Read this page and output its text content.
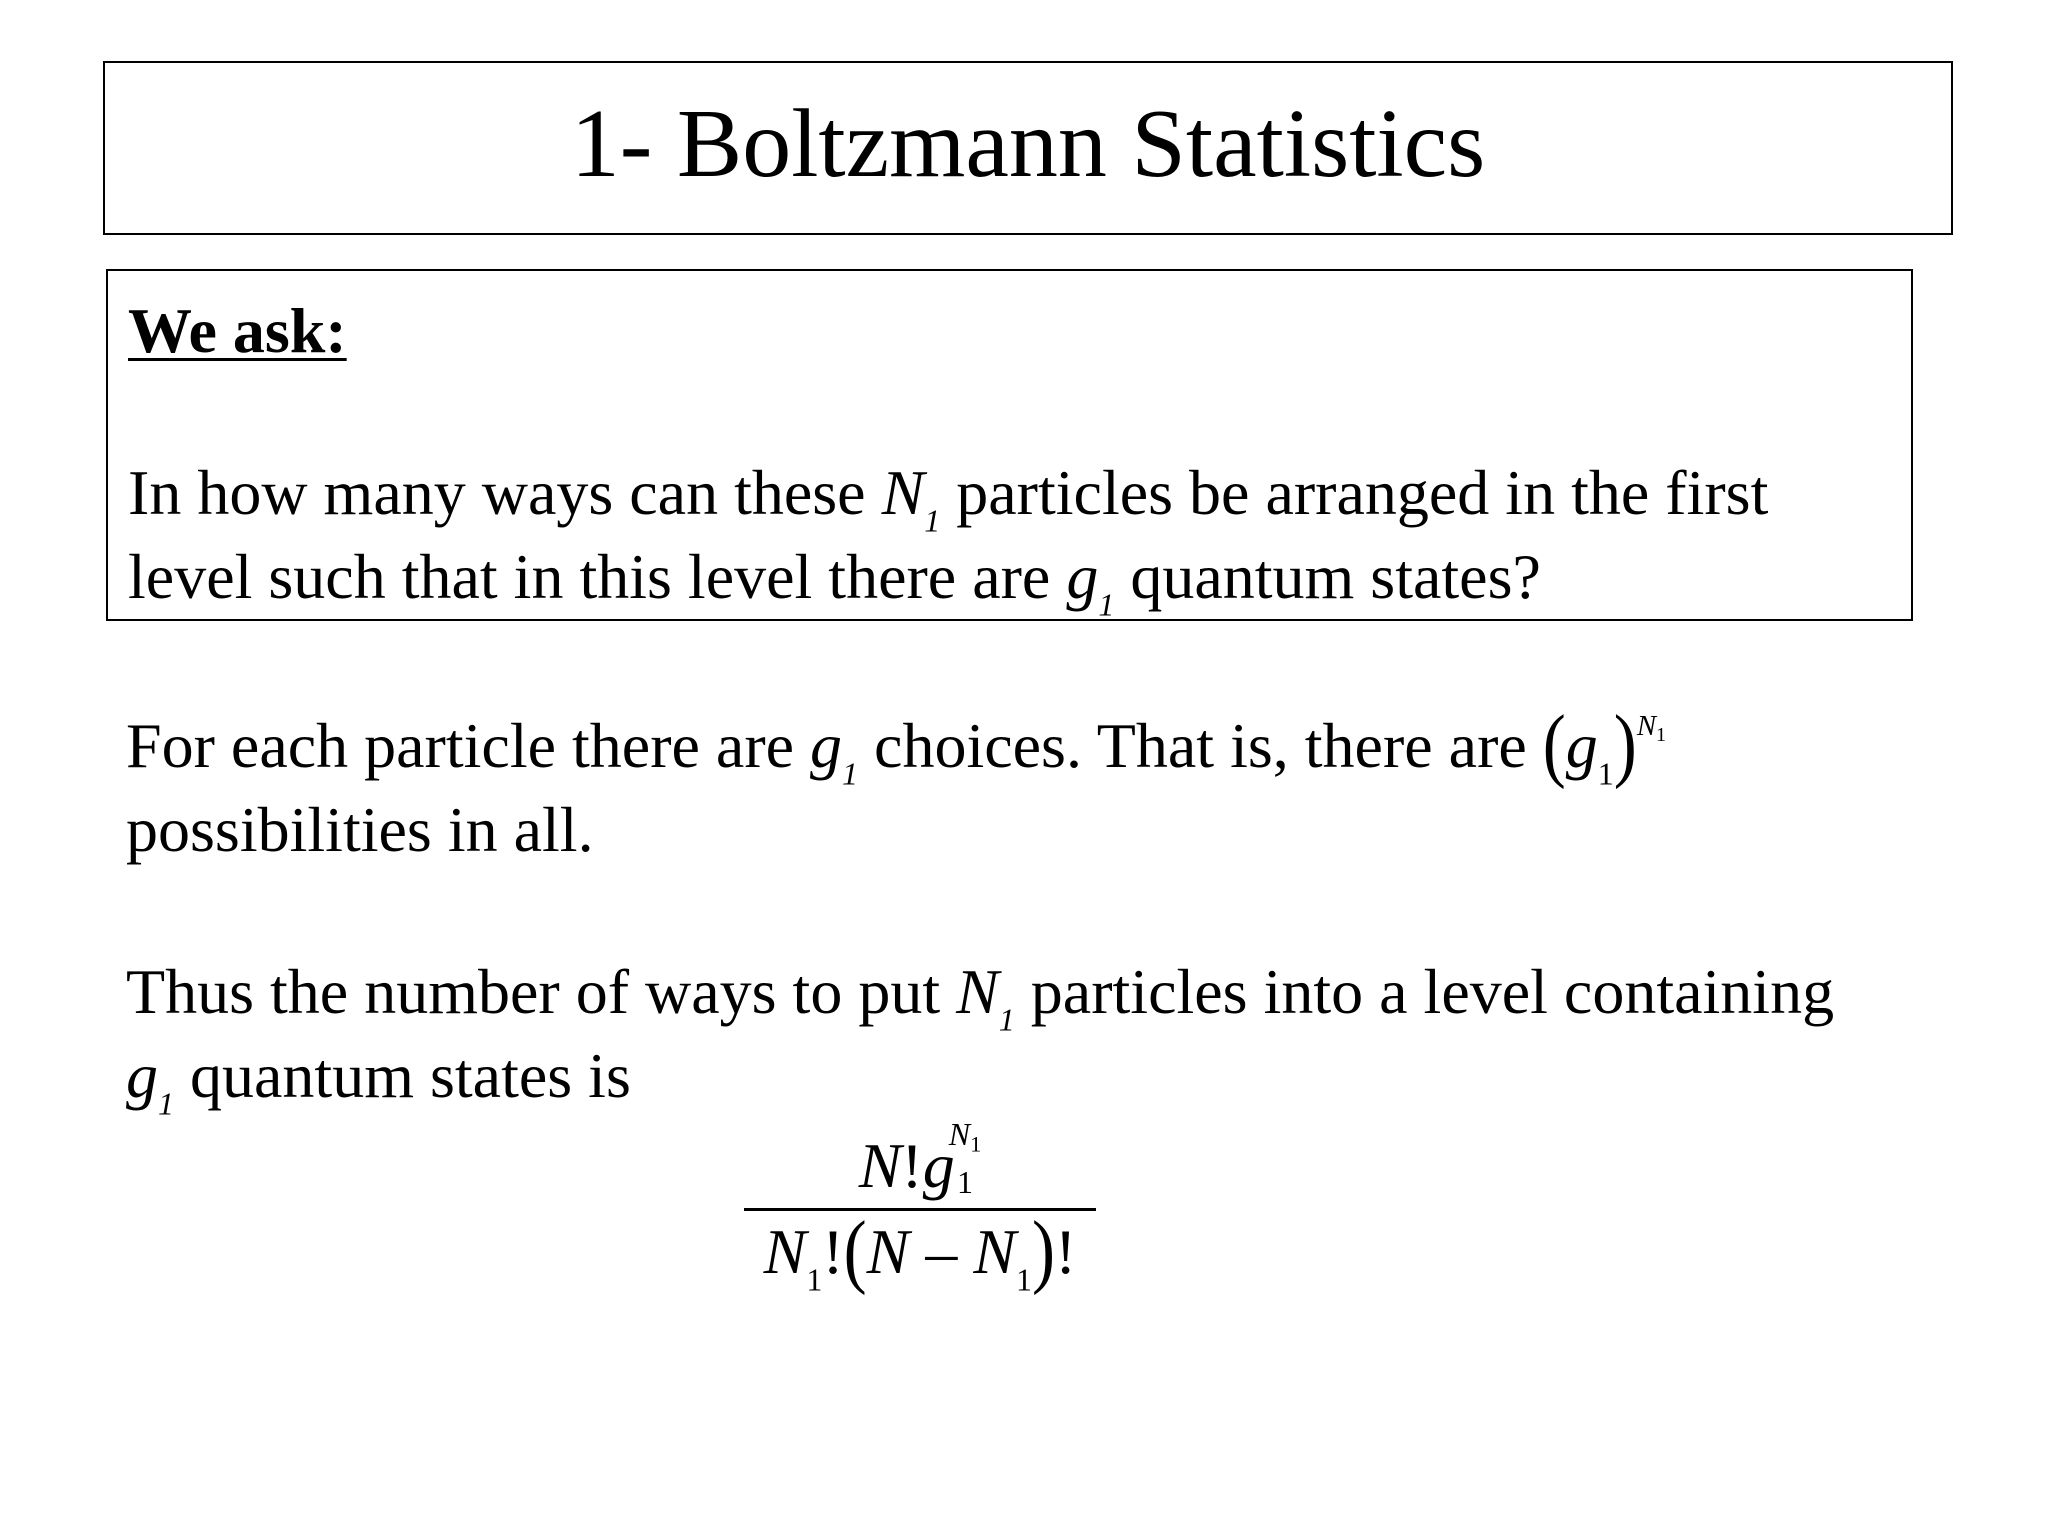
1- Boltzmann Statistics
We ask:
In how many ways can these $N_1$ particles be arranged in the first
level such that in this level there are $g_1$ quantum states?
For each particle there are $g_1$ choices. That is, there are $(g_1)^{N_1}$
possibilities in all.
Thus the number of ways to put $N_1$ particles into a level containing
$g_1$ quantum states is
N ! g
$N_1$
1
$N_1!(N - N_1)$!
